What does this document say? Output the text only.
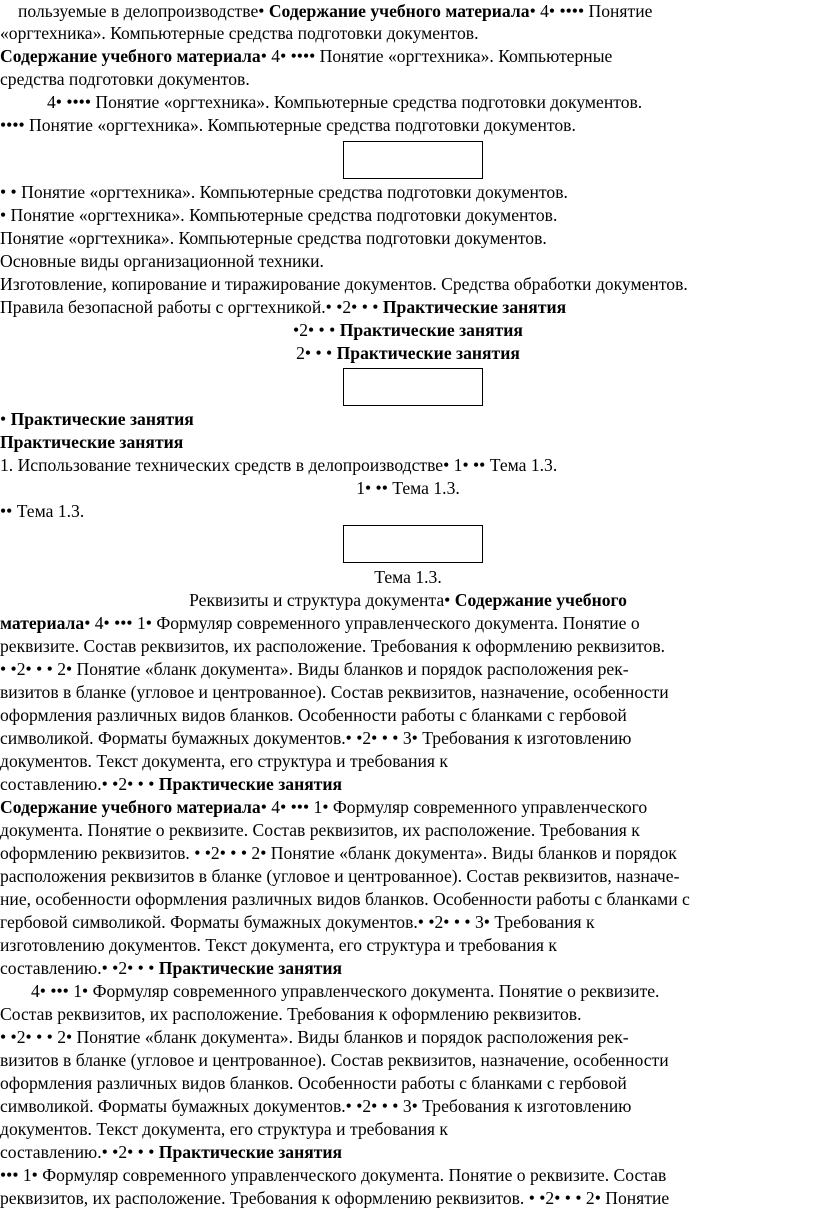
пользуемые в делопроизводстве• Содержание учебного материала• 4• •••• Понятие
«оргтехника». Компьютерные средства подготовки документов.
Содержание учебного материала• 4• •••• Понятие «оргтехника». Компьютерные
средства подготовки документов.
4• •••• Понятие «оргтехника». Компьютерные средства подготовки документов.
•••• Понятие «оргтехника». Компьютерные средства подготовки документов.
• • Понятие «оргтехника». Компьютерные средства подготовки документов.
• Понятие «оргтехника». Компьютерные средства подготовки документов.
Понятие «оргтехника». Компьютерные средства подготовки документов.
Основные виды организационной техники.
Изготовление, копирование и тиражирование документов. Средства обработки документов.
Правила безопасной работы с оргтехникой.• •2• • • Практические занятия
•2• • • Практические занятия
2• • • Практические занятия
• Практические занятия
Практические занятия
1. Использование технических средств в делопроизводстве• 1• •• Тема 1.3.
1• •• Тема 1.3.
•• Тема 1.3.
Тема 1.3.
Реквизиты и структура документа• Содержание учебного
материала• 4• ••• 1• Формуляр современного управленческого документа. Понятие о
реквизите. Состав реквизитов, их расположение. Требования к оформлению реквизитов.
• •2• • • 2• Понятие «бланк документа». Виды бланков и порядок расположения рек-
визитов в бланке (угловое и центрованное). Состав реквизитов, назначение, особенности
оформления различных видов бланков. Особенности работы с бланками с гербовой
символикой. Форматы бумажных документов.• •2• • • 3• Требования к изготовлению
документов. Текст документа, его структура и требования к
составлению.• •2• • • Практические занятия
Содержание учебного материала• 4• ••• 1• Формуляр современного управленческого
документа. Понятие о реквизите. Состав реквизитов, их расположение. Требования к
оформлению реквизитов. • •2• • • 2• Понятие «бланк документа». Виды бланков и порядок
расположения реквизитов в бланке (угловое и центрованное). Состав реквизитов, назначе-
ние, особенности оформления различных видов бланков. Особенности работы с бланками с
гербовой символикой. Форматы бумажных документов.• •2• • • 3• Требования к
изготовлению документов. Текст документа, его структура и требования к
составлению.• •2• • • Практические занятия
4• ••• 1• Формуляр современного управленческого документа. Понятие о реквизите.
Состав реквизитов, их расположение. Требования к оформлению реквизитов.
• •2• • • 2• Понятие «бланк документа». Виды бланков и порядок расположения рек-
визитов в бланке (угловое и центрованное). Состав реквизитов, назначение, особенности
оформления различных видов бланков. Особенности работы с бланками с гербовой
символикой. Форматы бумажных документов.• •2• • • 3• Требования к изготовлению
документов. Текст документа, его структура и требования к
составлению.• •2• • • Практические занятия
••• 1• Формуляр современного управленческого документа. Понятие о реквизите. Состав
реквизитов, их расположение. Требования к оформлению реквизитов. • •2• • • 2• Понятие
